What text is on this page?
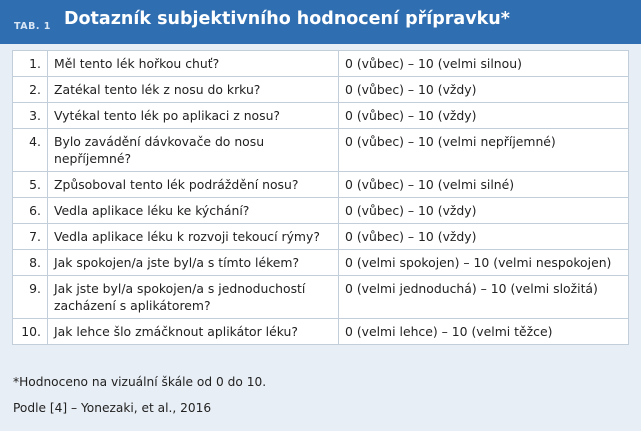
TAB. 1 Dotazník subjektivního hodnocení přípravku*
1.	Měl tento lék hořkou chuť?	0 (vůbec) – 10 (velmi silnou)
2.	Zatékal tento lék z nosu do krku?	0 (vůbec) – 10 (vždy)
3.	Vytékal tento lék po aplikaci z nosu?	0 (vůbec) – 10 (vždy)
4.	Bylo zavádění dávkovače do nosu nepříjemné?	0 (vůbec) – 10 (velmi nepříjemné)
5.	Způsoboval tento lék podráždění nosu?	0 (vůbec) – 10 (velmi silné)
6.	Vedla aplikace léku ke kýchání?	0 (vůbec) – 10 (vždy)
7.	Vedla aplikace léku k rozvoji tekoucí rýmy?	0 (vůbec) – 10 (vždy)
8.	Jak spokojen/a jste byl/a s tímto lékem?	0 (velmi spokojen) – 10 (velmi nespokojen)
9.	Jak jste byl/a spokojen/a s jednoduchostí zacházení s aplikátorem?	0 (velmi jednoduchá) – 10 (velmi složitá)
10.	Jak lehce šlo zmáčknout aplikátor léku?	0 (velmi lehce) – 10 (velmi těžce)
*Hodnoceno na vizuální škále od 0 do 10.
Podle [4] – Yonezaki, et al., 2016
